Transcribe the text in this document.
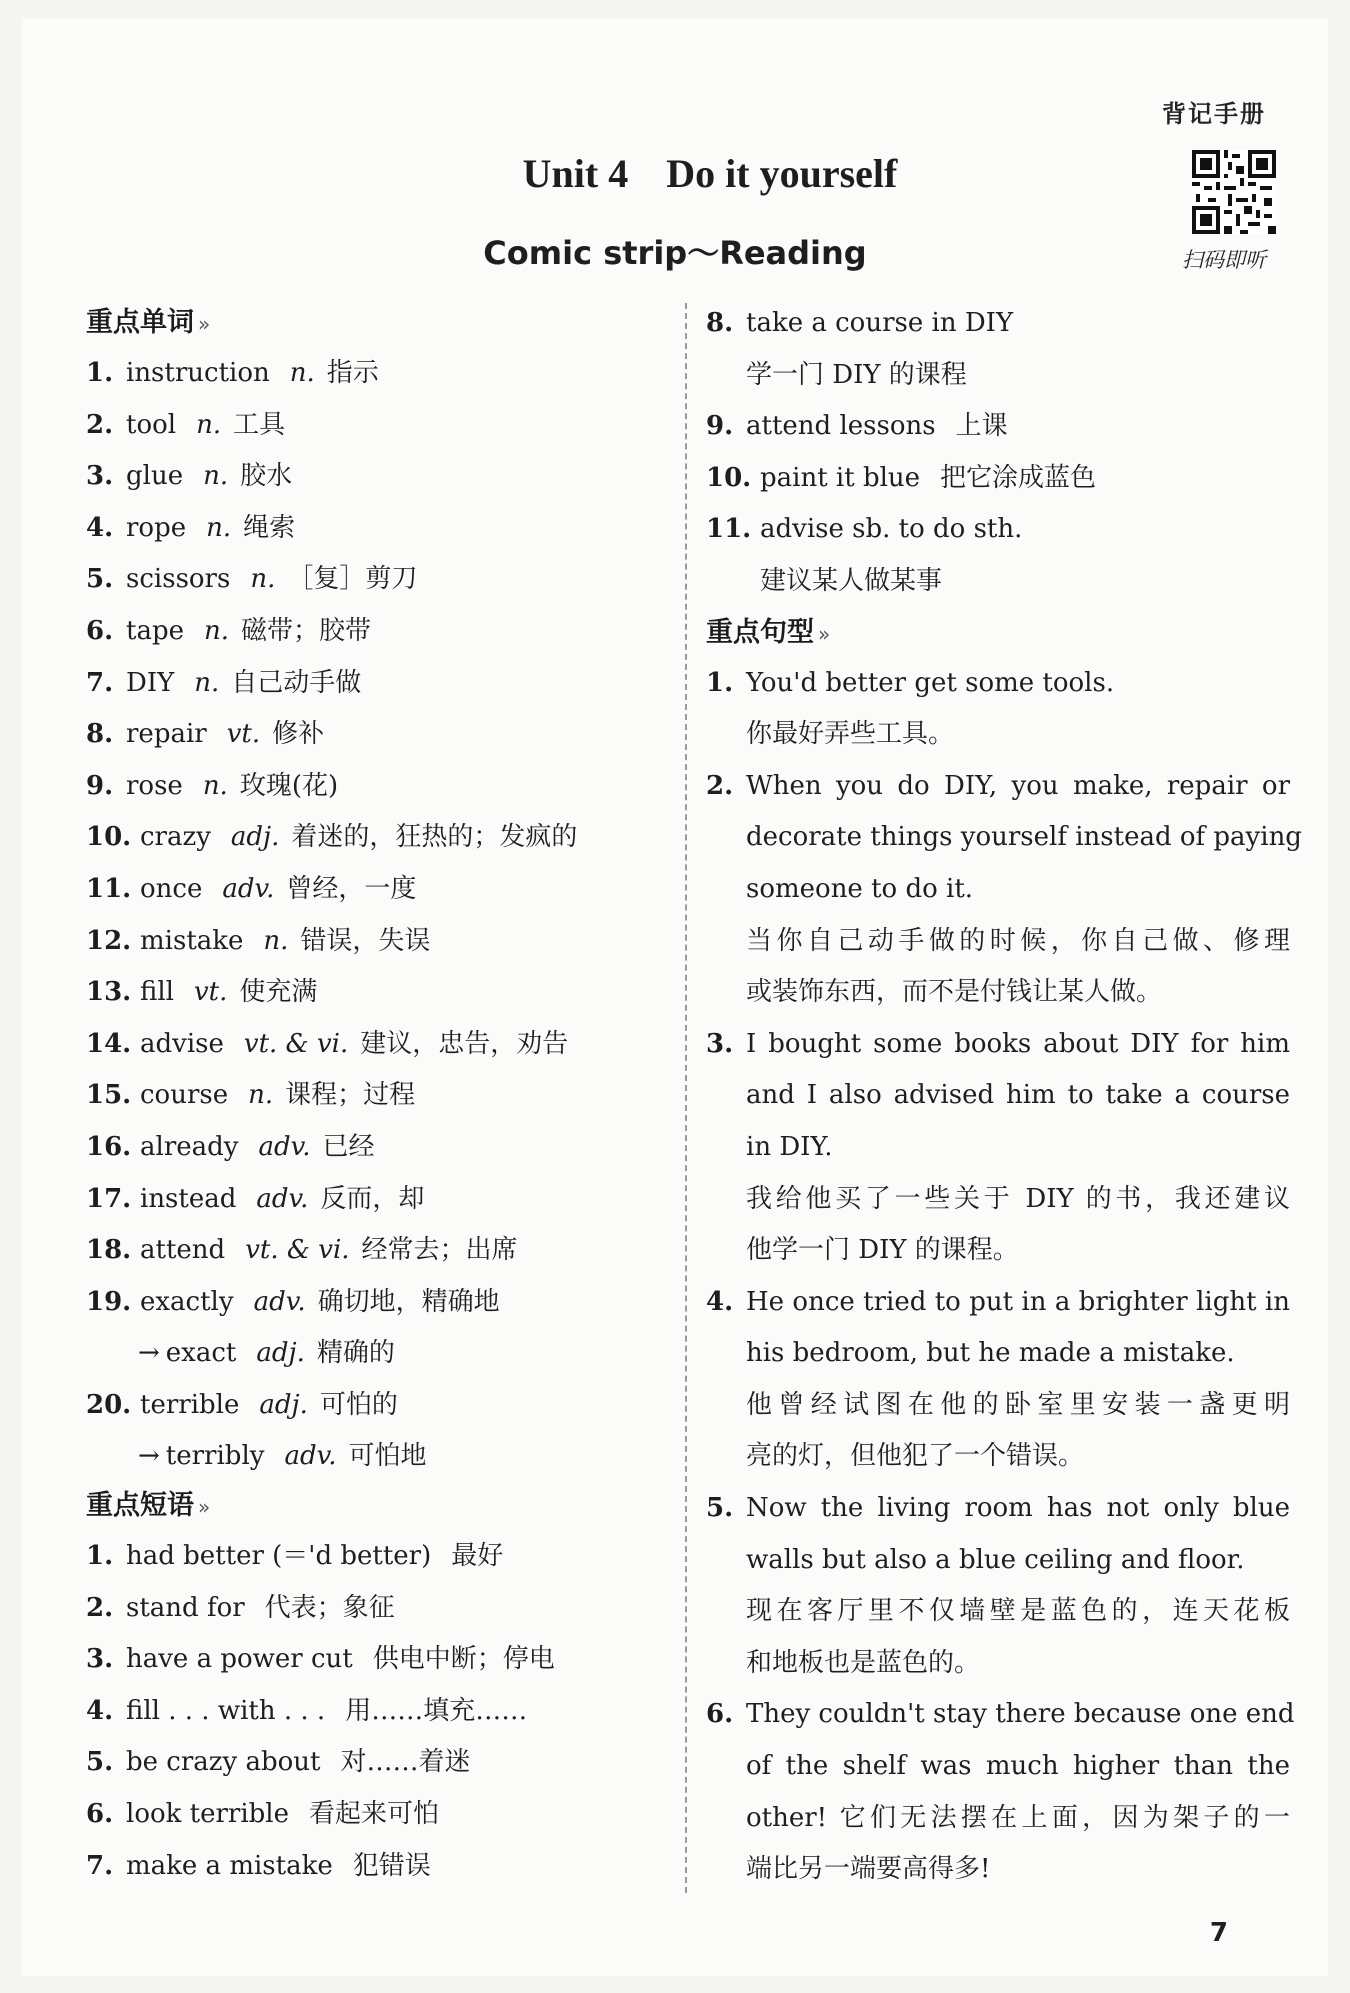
背记手册
扫码即听
Unit 4 Do it yourself
Comic strip～Reading
重点单词 »
1. instruction n. 指示
2. tool n. 工具
3. glue n. 胶水
4. rope n. 绳索
5. scissors n. ［复］剪刀
6. tape n. 磁带；胶带
7. DIY n. 自己动手做
8. repair vt. 修补
9. rose n. 玫瑰(花)
10. crazy adj. 着迷的，狂热的；发疯的
11. once adv. 曾经，一度
12. mistake n. 错误，失误
13. fill vt. 使充满
14. advise vt. & vi. 建议，忠告，劝告
15. course n. 课程；过程
16. already adv. 已经
17. instead adv. 反而，却
18. attend vt. & vi. 经常去；出席
19. exactly adv. 确切地，精确地
→ exact adj. 精确的
20. terrible adj. 可怕的
→ terribly adv. 可怕地
重点短语 »
1. had better (＝'d better) 最好
2. stand for 代表；象征
3. have a power cut 供电中断；停电
4. fill . . . with . . . 用……填充……
5. be crazy about 对……着迷
6. look terrible 看起来可怕
7. make a mistake 犯错误
8. take a course in DIY
学一门 DIY 的课程
9. attend lessons 上课
10. paint it blue 把它涂成蓝色
11. advise sb. to do sth.
建议某人做某事
重点句型 »
1. You'd better get some tools.
你最好弄些工具。
2. When you do DIY, you make, repair or
decorate things yourself instead of paying
someone to do it.
当你自己动手做的时候，你自己做、修理
或装饰东西，而不是付钱让某人做。
3. I bought some books about DIY for him
and I also advised him to take a course
in DIY.
我给他买了一些关于 DIY 的书，我还建议
他学一门 DIY 的课程。
4. He once tried to put in a brighter light in
his bedroom, but he made a mistake.
他曾经试图在他的卧室里安装一盏更明
亮的灯，但他犯了一个错误。
5. Now the living room has not only blue
walls but also a blue ceiling and floor.
现在客厅里不仅墙壁是蓝色的，连天花板
和地板也是蓝色的。
6. They couldn't stay there because one end
of the shelf was much higher than the
other! 它们无法摆在上面，因为架子的一
端比另一端要高得多!
7
